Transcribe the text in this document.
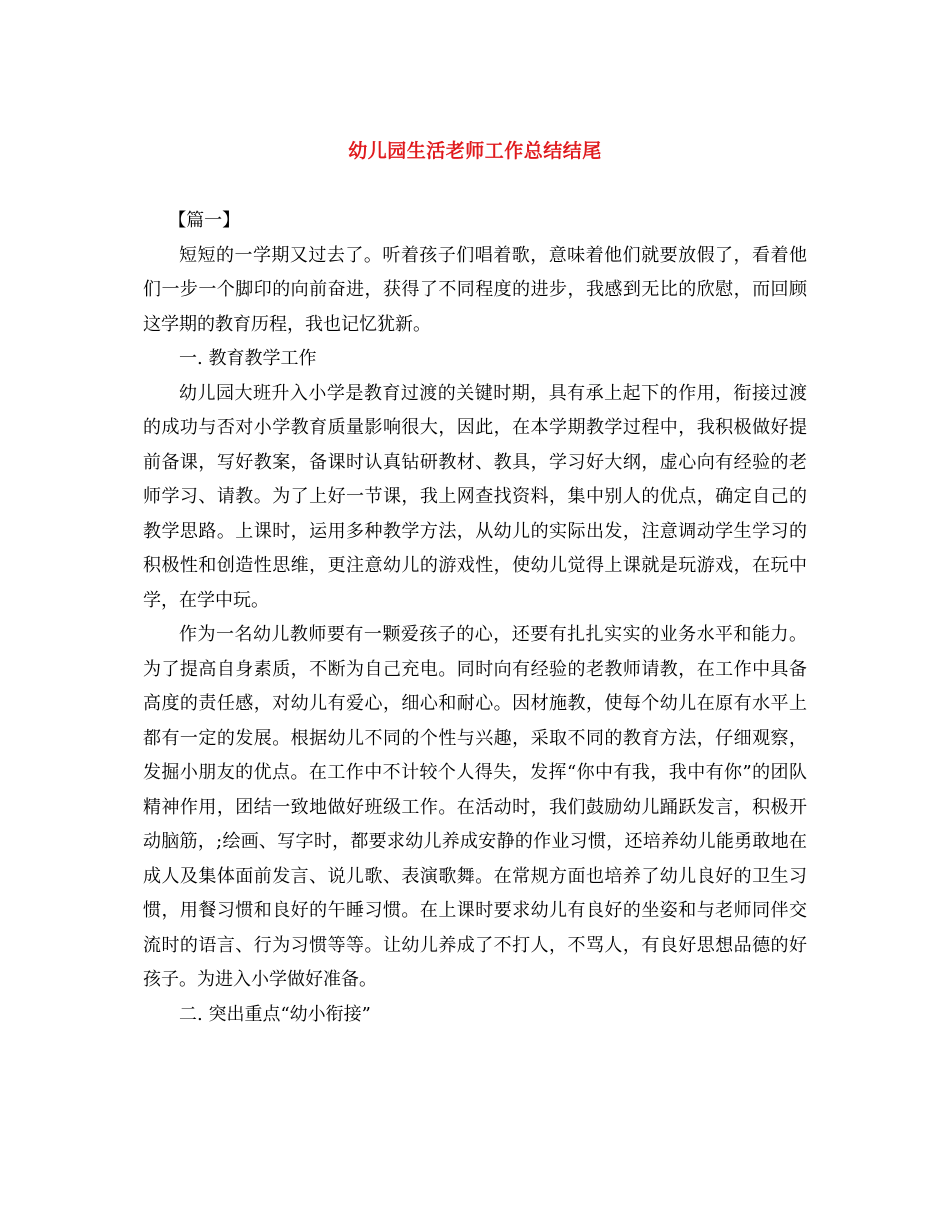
幼儿园生活老师工作总结结尾

【篇一】

短短的一学期又过去了。听着孩子们唱着歌，意味着他们就要放假了，看着他们一步一个脚印的向前奋进，获得了不同程度的进步，我感到无比的欣慰，而回顾这学期的教育历程，我也记忆犹新。

一. 教育教学工作

幼儿园大班升入小学是教育过渡的关键时期，具有承上起下的作用，衔接过渡的成功与否对小学教育质量影响很大，因此，在本学期教学过程中，我积极做好提前备课，写好教案，备课时认真钻研教材、教具，学习好大纲，虚心向有经验的老师学习、请教。为了上好一节课，我上网查找资料，集中别人的优点，确定自己的教学思路。上课时，运用多种教学方法，从幼儿的实际出发，注意调动学生学习的积极性和创造性思维，更注意幼儿的游戏性，使幼儿觉得上课就是玩游戏，在玩中学，在学中玩。

作为一名幼儿教师要有一颗爱孩子的心，还要有扎扎实实的业务水平和能力。为了提高自身素质，不断为自己充电。同时向有经验的老教师请教，在工作中具备高度的责任感，对幼儿有爱心，细心和耐心。因材施教，使每个幼儿在原有水平上都有一定的发展。根据幼儿不同的个性与兴趣，采取不同的教育方法，仔细观察，发掘小朋友的优点。在工作中不计较个人得失，发挥“你中有我，我中有你”的团队精神作用，团结一致地做好班级工作。在活动时，我们鼓励幼儿踊跃发言，积极开动脑筋，;绘画、写字时，都要求幼儿养成安静的作业习惯，还培养幼儿能勇敢地在成人及集体面前发言、说儿歌、表演歌舞。在常规方面也培养了幼儿良好的卫生习惯，用餐习惯和良好的午睡习惯。在上课时要求幼儿有良好的坐姿和与老师同伴交流时的语言、行为习惯等等。让幼儿养成了不打人，不骂人，有良好思想品德的好孩子。为进入小学做好准备。

二. 突出重点“幼小衔接”
